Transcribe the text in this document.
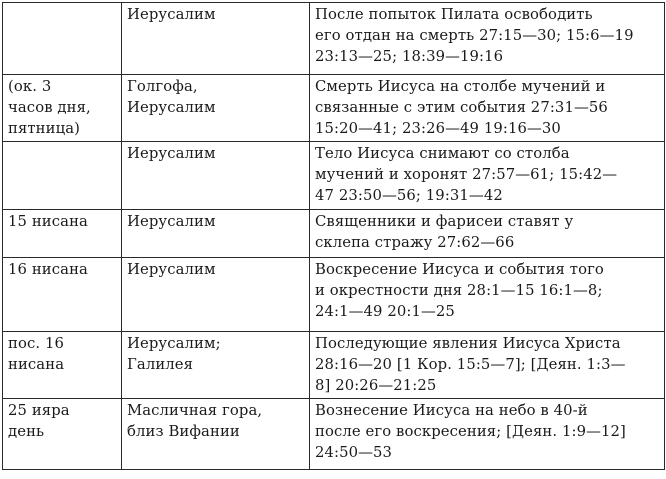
	Иерусалим	После попыток Пилата освободить
его отдан на смерть 27:15—30; 15:6—19
23:13—25; 18:39—19:16

(ок. 3
часов дня,
пятница)	Голгофа,
Иерусалим	Смерть Иисуса на столбе мучений и
связанные с этим события 27:31—56
15:20—41; 23:26—49 19:16—30

	Иерусалим	Тело Иисуса снимают со столба
мучений и хоронят 27:57—61; 15:42—
47 23:50—56; 19:31—42

15 нисана	Иерусалим	Священники и фарисеи ставят у
склепа стражу 27:62—66

16 нисана	Иерусалим	Воскресение Иисуса и события того
и окрестности дня 28:1—15 16:1—8;
24:1—49 20:1—25

пос. 16
нисана	Иерусалим;
Галилея	Последующие явления Иисуса Христа
28:16—20 [1 Кор. 15:5—7]; [Деян. 1:3—
8] 20:26—21:25

25 ияра
день	Масличная гора,
близ Вифании	Вознесение Иисуса на небо в 40-й
после его воскресения; [Деян. 1:9—12]
24:50—53
